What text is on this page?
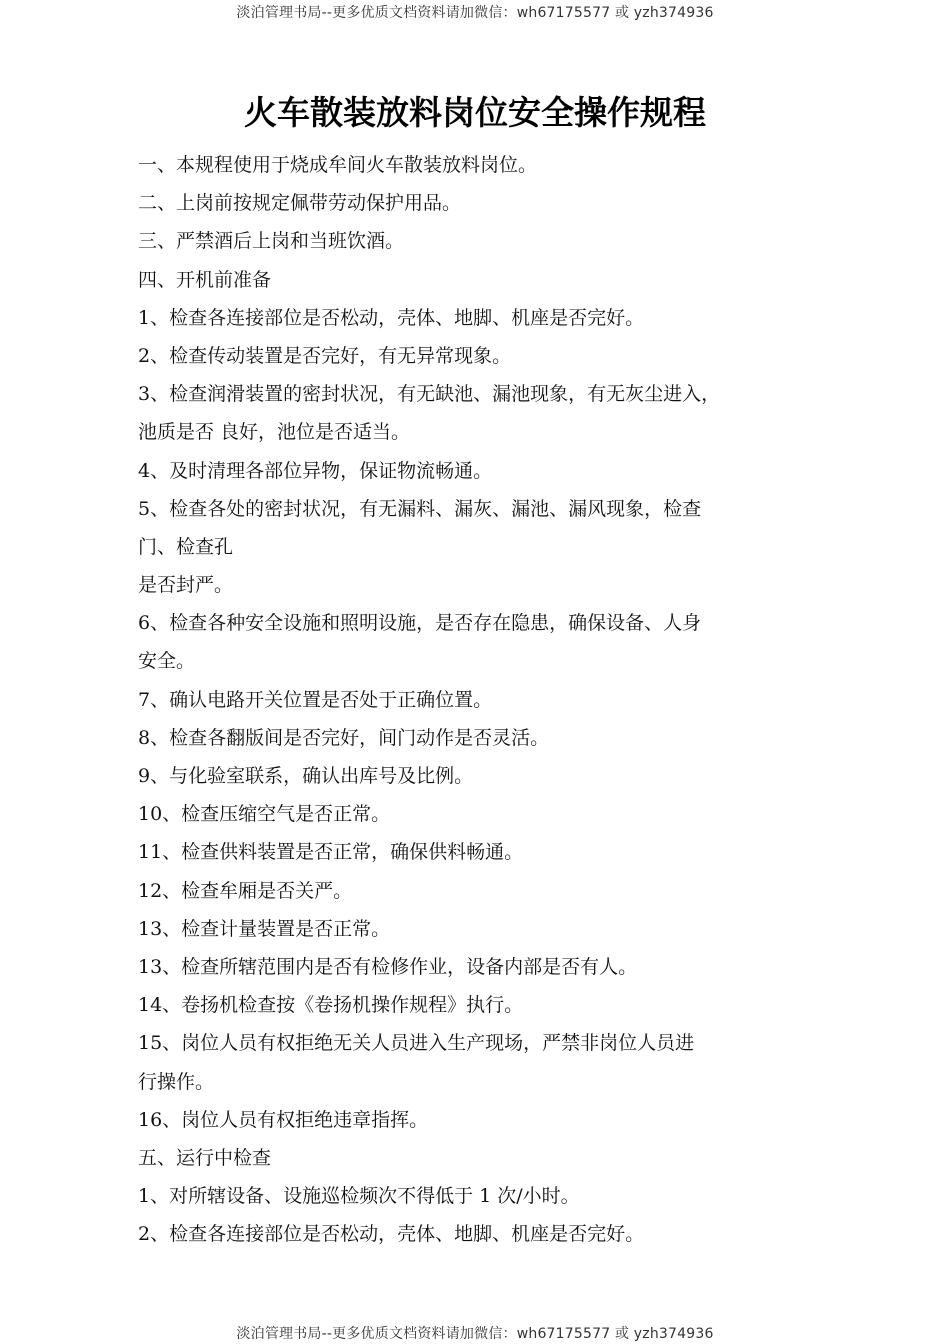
淡泊管理书局--更多优质文档资料请加微信：wh67175577 或 yzh374936
火车散装放料岗位安全操作规程
一、本规程使用于烧成牟间火车散装放料岗位。
二、上岗前按规定佩带劳动保护用品。
三、严禁酒后上岗和当班饮酒。
四、开机前准备
1、检查各连接部位是否松动，壳体、地脚、机座是否完好。
2、检查传动装置是否完好，有无异常现象。
3、检查润滑装置的密封状况，有无缺池、漏池现象，有无灰尘进入，
池质是否 良好，池位是否适当。
4、及时清理各部位异物，保证物流畅通。
5、检查各处的密封状况，有无漏料、漏灰、漏池、漏风现象，检查
门、检查孔
是否封严。
6、检查各种安全设施和照明设施，是否存在隐患，确保设备、人身
安全。
7、确认电路开关位置是否处于正确位置。
8、检查各翻版间是否完好，间门动作是否灵活。
9、与化验室联系，确认出库号及比例。
10、检查压缩空气是否正常。
11、检查供料装置是否正常，确保供料畅通。
12、检查牟厢是否关严。
13、检查计量装置是否正常。
13、检查所辖范围内是否有检修作业，设备内部是否有人。
14、卷扬机检查按《卷扬机操作规程》执行。
15、岗位人员有权拒绝无关人员进入生产现场，严禁非岗位人员进
行操作。
16、岗位人员有权拒绝违章指挥。
五、运行中检查
1、对所辖设备、设施巡检频次不得低于 1 次/小时。
2、检查各连接部位是否松动，壳体、地脚、机座是否完好。
淡泊管理书局--更多优质文档资料请加微信：wh67175577 或 yzh374936
